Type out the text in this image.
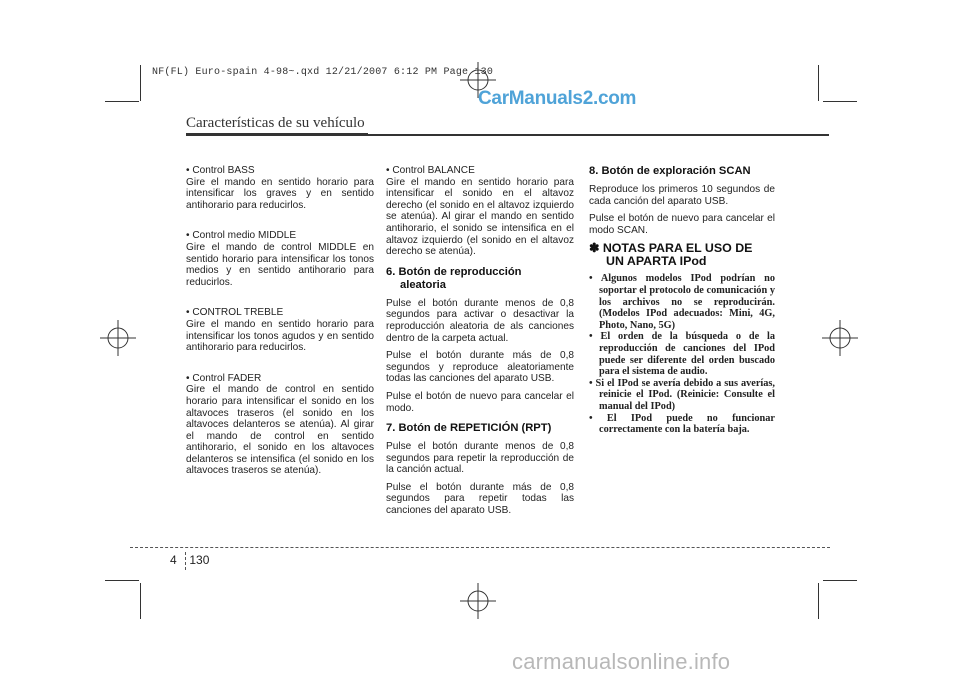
NF(FL) Euro-spain 4-98~.qxd 12/21/2007 6:12 PM Page 130
CarManuals2.com
Características de su vehículo

• Control BASS

Gire el mando en sentido horario para intensificar los graves y en sentido antihorario para reducirlos.

• Control medio MIDDLE

Gire el mando de control MIDDLE en sentido horario para intensificar los tonos medios y en sentido antihorario para reducirlos.

• CONTROL TREBLE

Gire el mando en sentido horario para intensificar los tonos agudos y en sentido antihorario para reducirlos.

• Control FADER

Gire el mando de control en sentido horario para intensificar el sonido en los altavoces traseros (el sonido en los altavoces delanteros se atenúa). Al girar el mando de control en sentido antihorario, el sonido en los altavoces delanteros se intensifica (el sonido en los altavoces traseros se atenúa).

• Control BALANCE

Gire el mando en sentido horario para intensificar el sonido en el altavoz derecho (el sonido en el altavoz izquierdo se atenúa). Al girar el mando en sentido antihorario, el sonido se intensifica en el altavoz izquierdo (el sonido en el altavoz derecho se atenúa).

6. Botón de reproducción
aleatoria

Pulse el botón durante menos de 0,8 segundos para activar o desactivar la reproducción aleatoria de als canciones dentro de la carpeta actual.

Pulse el botón durante más de 0,8 segundos y reproduce aleatoriamente todas las canciones del aparato USB.

Pulse el botón de nuevo para cancelar el modo.

7. Botón de REPETICIÓN (RPT)

Pulse el botón durante menos de 0,8 segundos para repetir la reproducción de la canción actual.

Pulse el botón durante más de 0,8 segundos para repetir todas las canciones del aparato USB.

8. Botón de exploración SCAN

Reproduce los primeros 10 segundos de cada canción del aparato USB.

Pulse el botón de nuevo para cancelar el modo SCAN.

✽ NOTAS PARA EL USO DE
UN APARTA IPod
• Algunos modelos IPod podrían no soportar el protocolo de comunicación y los archivos no se reproducirán. (Modelos IPod adecuados: Mini, 4G, Photo, Nano, 5G)
• El orden de la búsqueda o de la reproducción de canciones del IPod puede ser diferente del orden buscado para el sistema de audio.
• Si el IPod se avería debido a sus averías, reinicie el IPod. (Reinicie: Consulte el manual del IPod)
• El IPod puede no funcionar correctamente con la batería baja.
4 130
carmanualsonline.info
